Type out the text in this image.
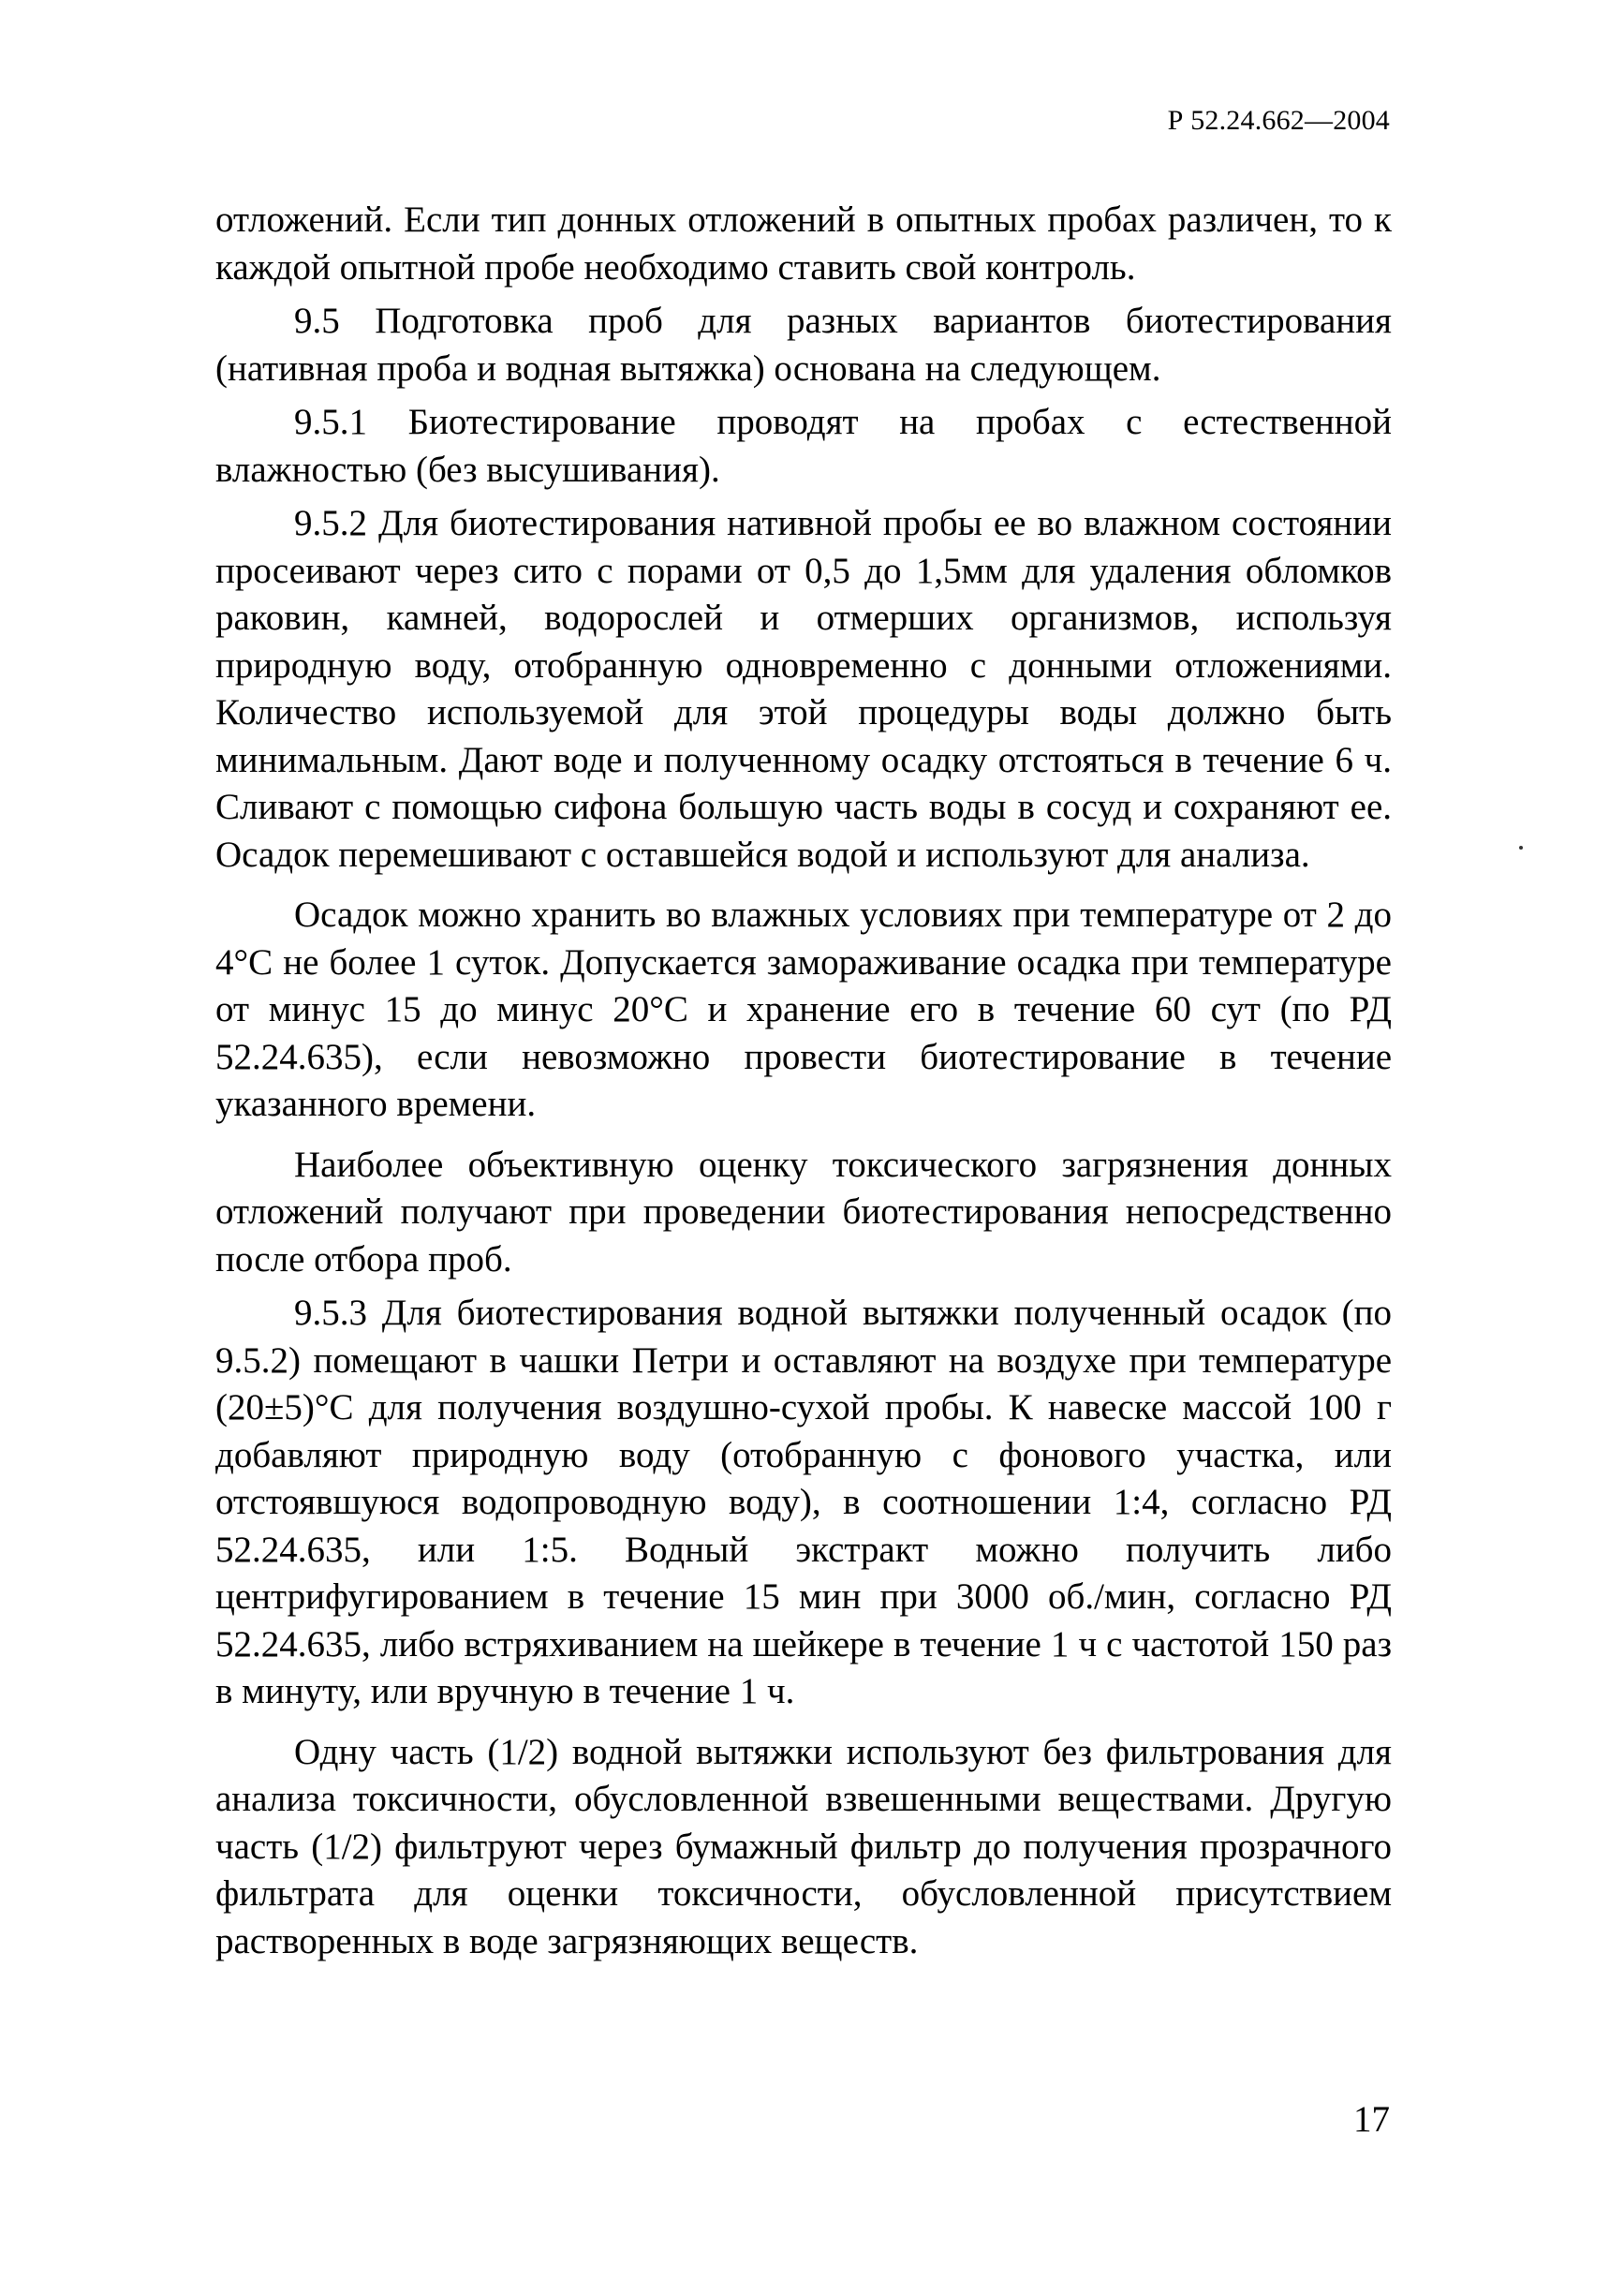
Р 52.24.662—2004

отложений. Если тип донных отложений в опытных пробах различен, то к каждой опытной пробе необходимо ставить свой контроль.

9.5 Подготовка проб для разных вариантов биотестирования (нативная проба и водная вытяжка) основана на следующем.

9.5.1 Биотестирование проводят на пробах с естественной влажностью (без высушивания).

9.5.2 Для биотестирования нативной пробы ее во влажном состоянии просеивают через сито с порами от 0,5 до 1,5мм для удаления обломков раковин, камней, водорослей и отмерших организмов, используя природную воду, отобранную одновременно с донными отложениями. Количество используемой для этой процедуры воды должно быть минимальным. Дают воде и полученному осадку отстояться в течение 6 ч. Сливают с помощью сифона большую часть воды в сосуд и сохраняют ее. Осадок перемешивают с оставшейся водой и используют для анализа.

Осадок можно хранить во влажных условиях при температуре от 2 до 4°С не более 1 суток. Допускается замораживание осадка при температуре от минус 15 до минус 20°С и хранение его в течение 60 сут (по РД 52.24.635), если невозможно провести биотестирование в течение указанного времени.

Наиболее объективную оценку токсического загрязнения донных отложений получают при проведении биотестирования непосредственно после отбора проб.

9.5.3 Для биотестирования водной вытяжки полученный осадок (по 9.5.2) помещают в чашки Петри и оставляют на воздухе при температуре (20±5)°С для получения воздушно-сухой пробы. К навеске массой 100 г добавляют природную воду (отобранную с фонового участка, или отстоявшуюся водопроводную воду), в соотношении 1:4, согласно РД 52.24.635, или 1:5. Водный экстракт можно получить либо центрифугированием в течение 15 мин при 3000 об./мин, согласно РД 52.24.635, либо встряхиванием на шейкере в течение 1 ч с частотой 150 раз в минуту, или вручную в течение 1 ч.

Одну часть (1/2) водной вытяжки используют без фильтрования для анализа токсичности, обусловленной взвешенными веществами. Другую часть (1/2) фильтруют через бумажный фильтр до получения прозрачного фильтрата для оценки токсичности, обусловленной присутствием растворенных в воде загрязняющих веществ.

17
